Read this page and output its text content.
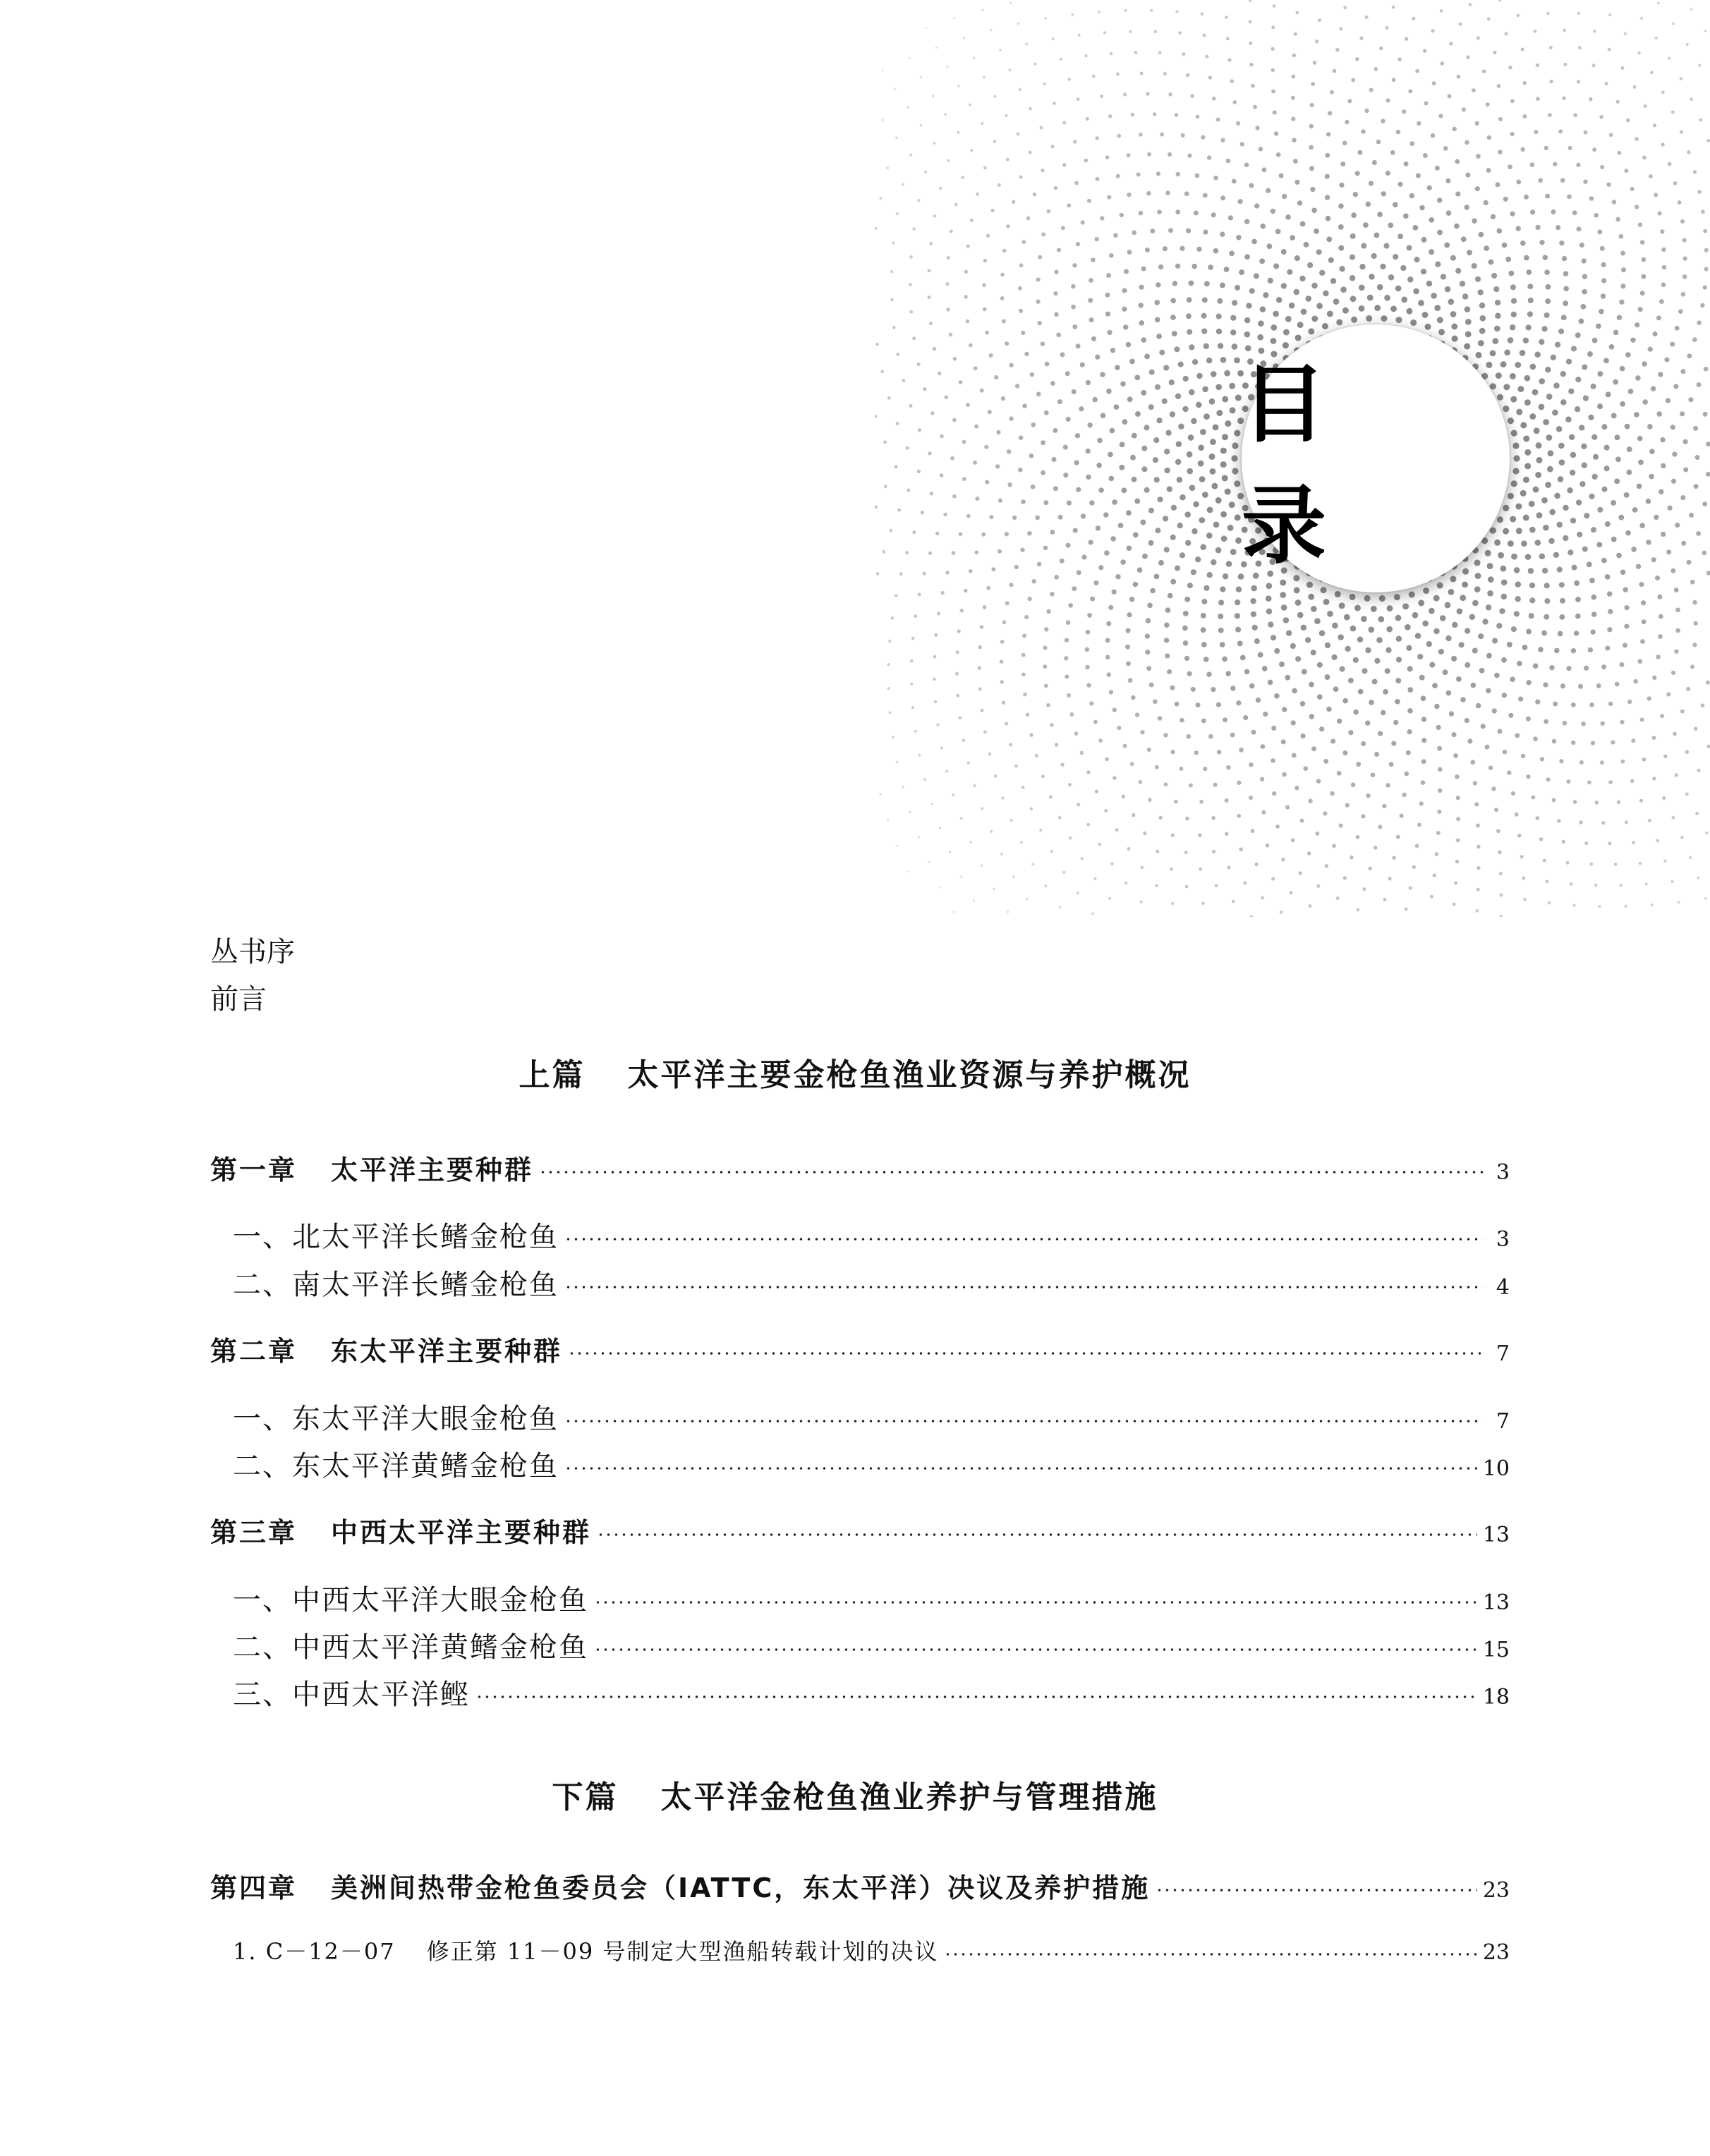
目 录
丛书序
前言
上篇 太平洋主要金枪鱼渔业资源与养护概况
第一章 太平洋主要种群	3
一、北太平洋长鳍金枪鱼	3
二、南太平洋长鳍金枪鱼	4
第二章 东太平洋主要种群	7
一、东太平洋大眼金枪鱼	7
二、东太平洋黄鳍金枪鱼	10
第三章 中西太平洋主要种群	13
一、中西太平洋大眼金枪鱼	13
二、中西太平洋黄鳍金枪鱼	15
三、中西太平洋鲣	18
下篇 太平洋金枪鱼渔业养护与管理措施
第四章 美洲间热带金枪鱼委员会（IATTC，东太平洋）决议及养护措施	23
1. C－12－07 修正第 11－09 号制定大型渔船转载计划的决议	23
